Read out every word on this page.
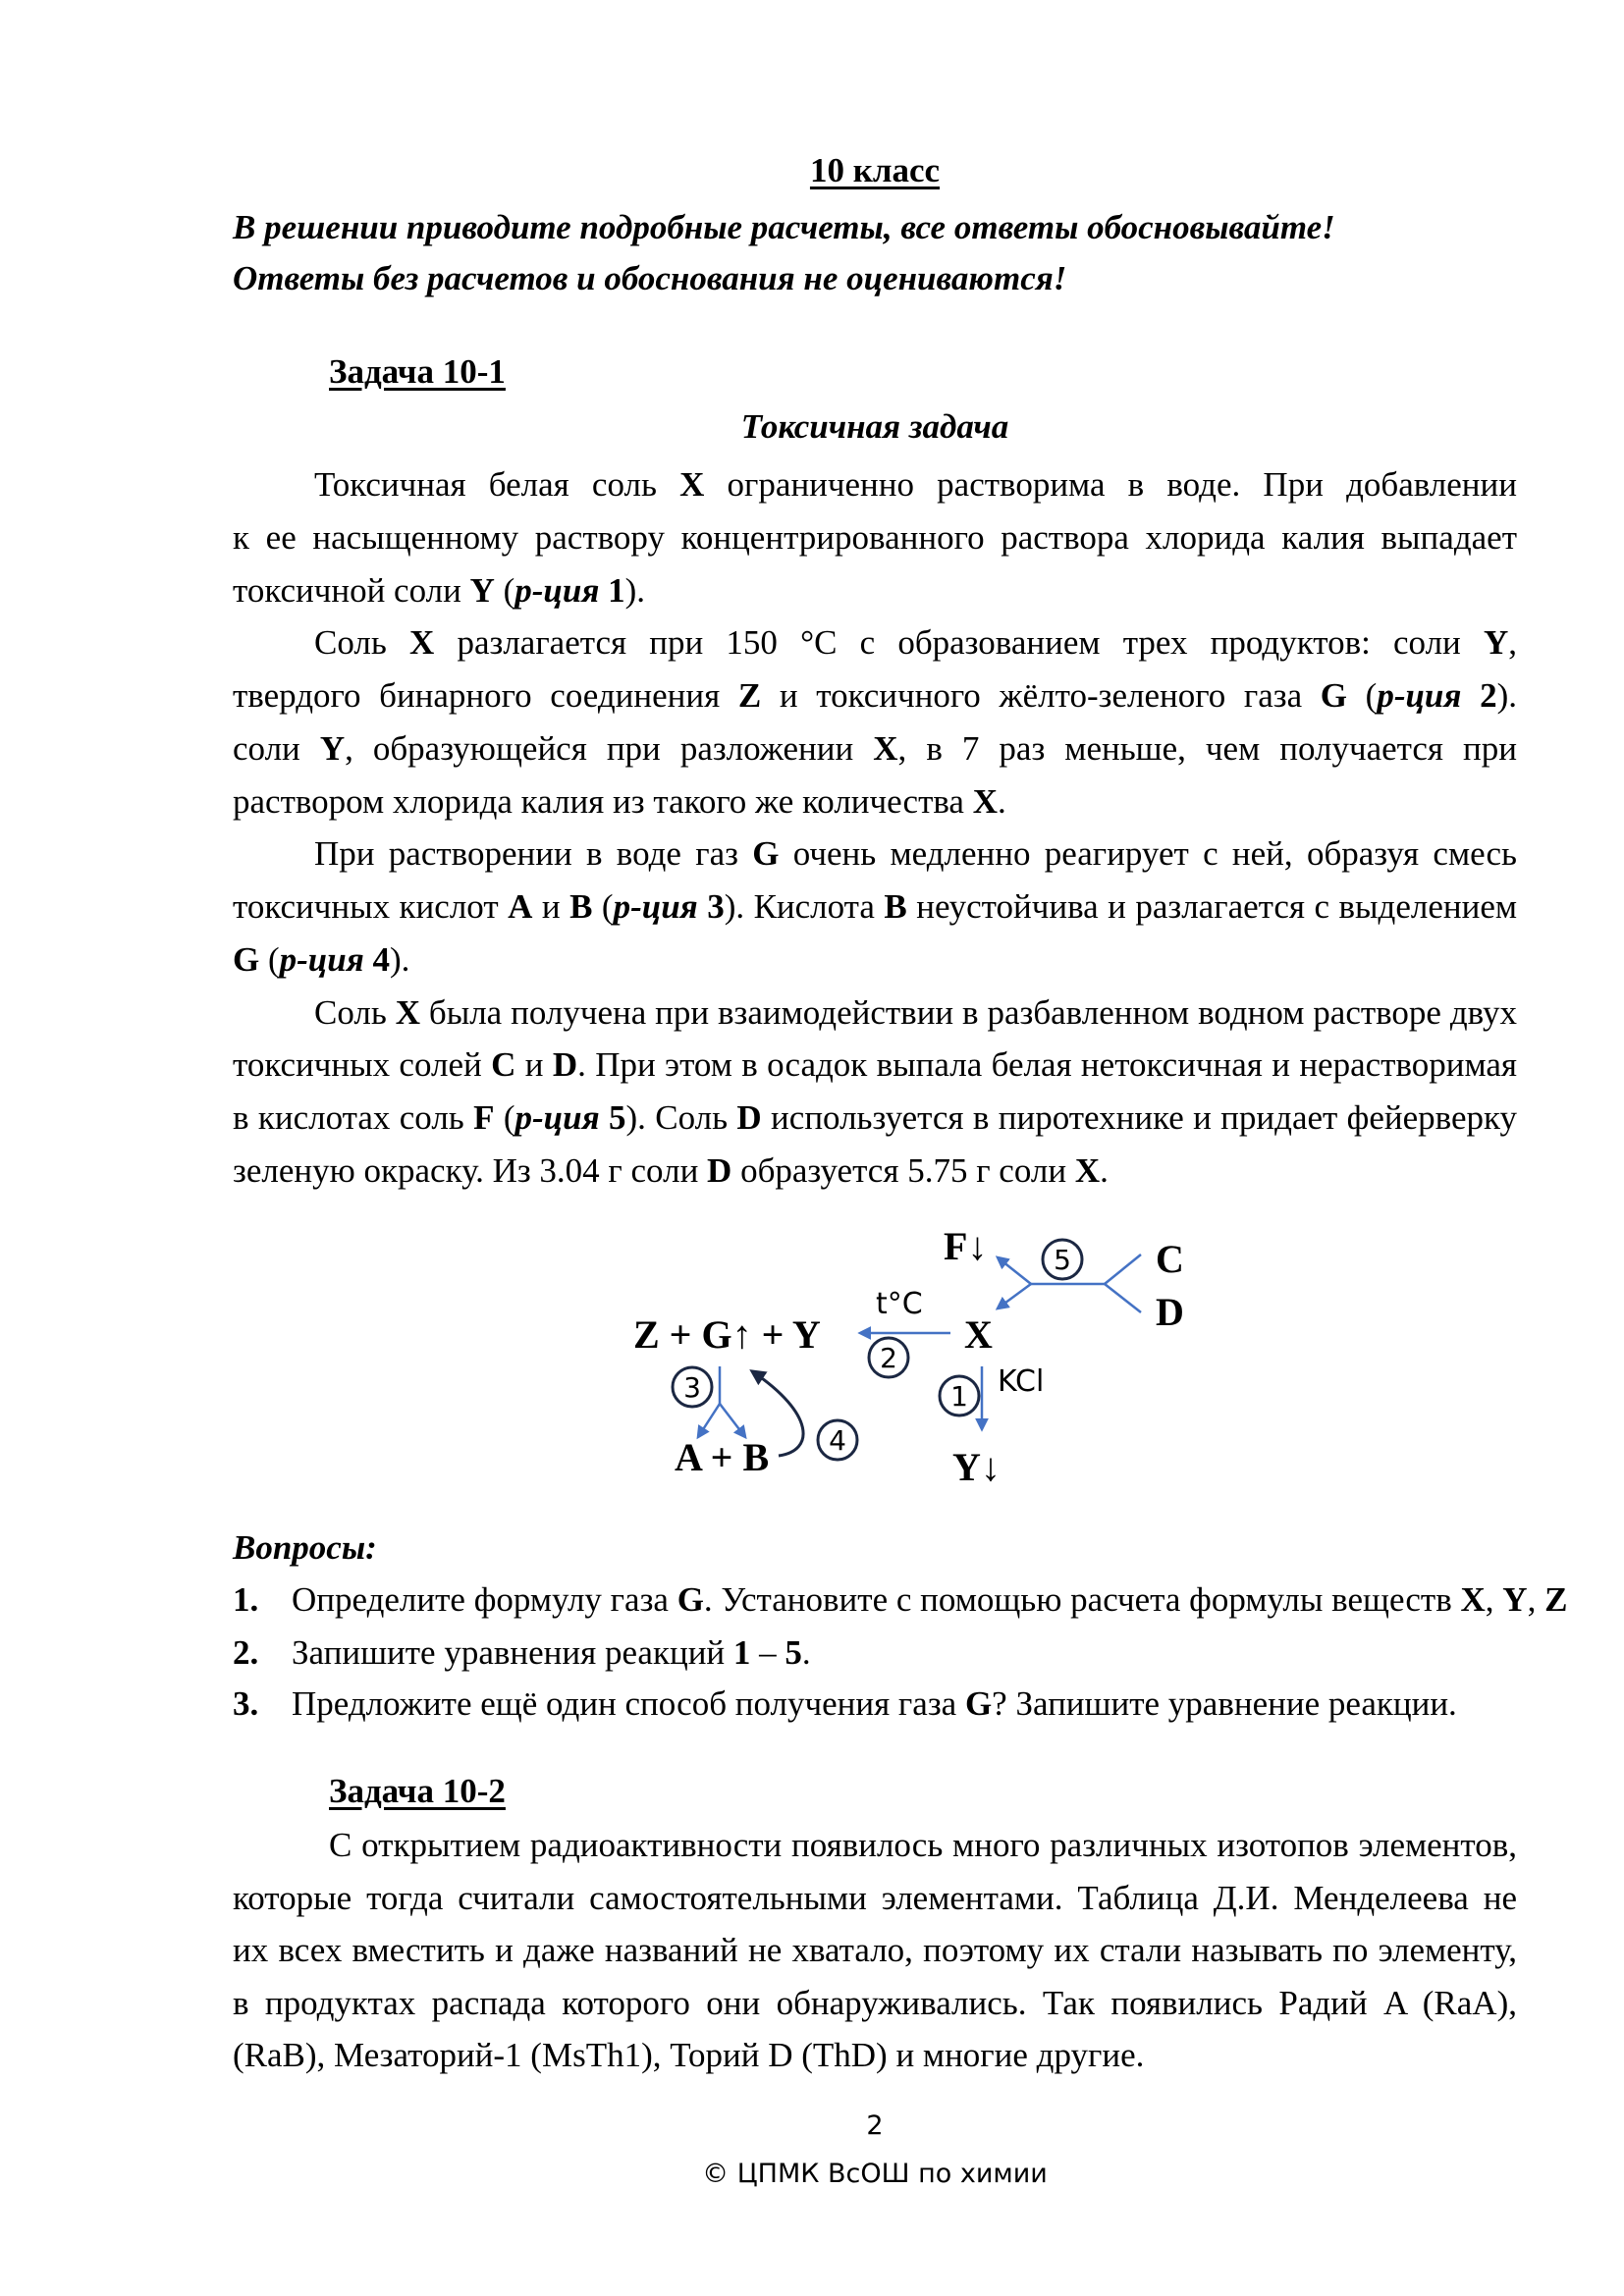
10 класс
В решении приводите подробные расчеты, все ответы обосновывайте!
Ответы без расчетов и обоснования не оцениваются!
Задача 10-1
Токсичная задача
Токсичная белая соль X ограниченно растворима в воде. При добавлении
к ее насыщенному раствору концентрированного раствора хлорида калия выпадает
токсичной соли Y (р-ция 1).
Соль X разлагается при 150 °C с образованием трех продуктов: соли Y,
твердого бинарного соединения Z и токсичного жёлто-зеленого газа G (р-ция 2).
соли Y, образующейся при разложении X, в 7 раз меньше, чем получается при
раствором хлорида калия из такого же количества X.
При растворении в воде газ G очень медленно реагирует с ней, образуя смесь
токсичных кислот A и B (р-ция 3). Кислота B неустойчива и разлагается с выделением
G (р-ция 4).
Соль X была получена при взаимодействии в разбавленном водном растворе двух
токсичных солей C и D. При этом в осадок выпала белая нетоксичная и нерастворимая
в кислотах соль F (р-ция 5). Соль D используется в пиротехнике и придает фейерверку
зеленую окраску. Из 3.04 г соли D образуется 5.75 г соли X.
Z + G↑ + Y	X
t°C
KCl
Y↓
F↓	C
D
A + B
1
2
3
4
5
Вопросы:
1. Определите формулу газа G. Установите с помощью расчета формулы веществ X, Y, Z
2. Запишите уравнения реакций 1 – 5.
3. Предложите ещё один способ получения газа G? Запишите уравнение реакции.
Задача 10-2
С открытием радиоактивности появилось много различных изотопов элементов,
которые тогда считали самостоятельными элементами. Таблица Д.И. Менделеева не
их всех вместить и даже названий не хватало, поэтому их стали называть по элементу,
в продуктах распада которого они обнаруживались. Так появились Радий A (RaA),
(RaB), Мезаторий-1 (MsTh1), Торий D (ThD) и многие другие.
2
© ЦПМК ВсОШ по химии
